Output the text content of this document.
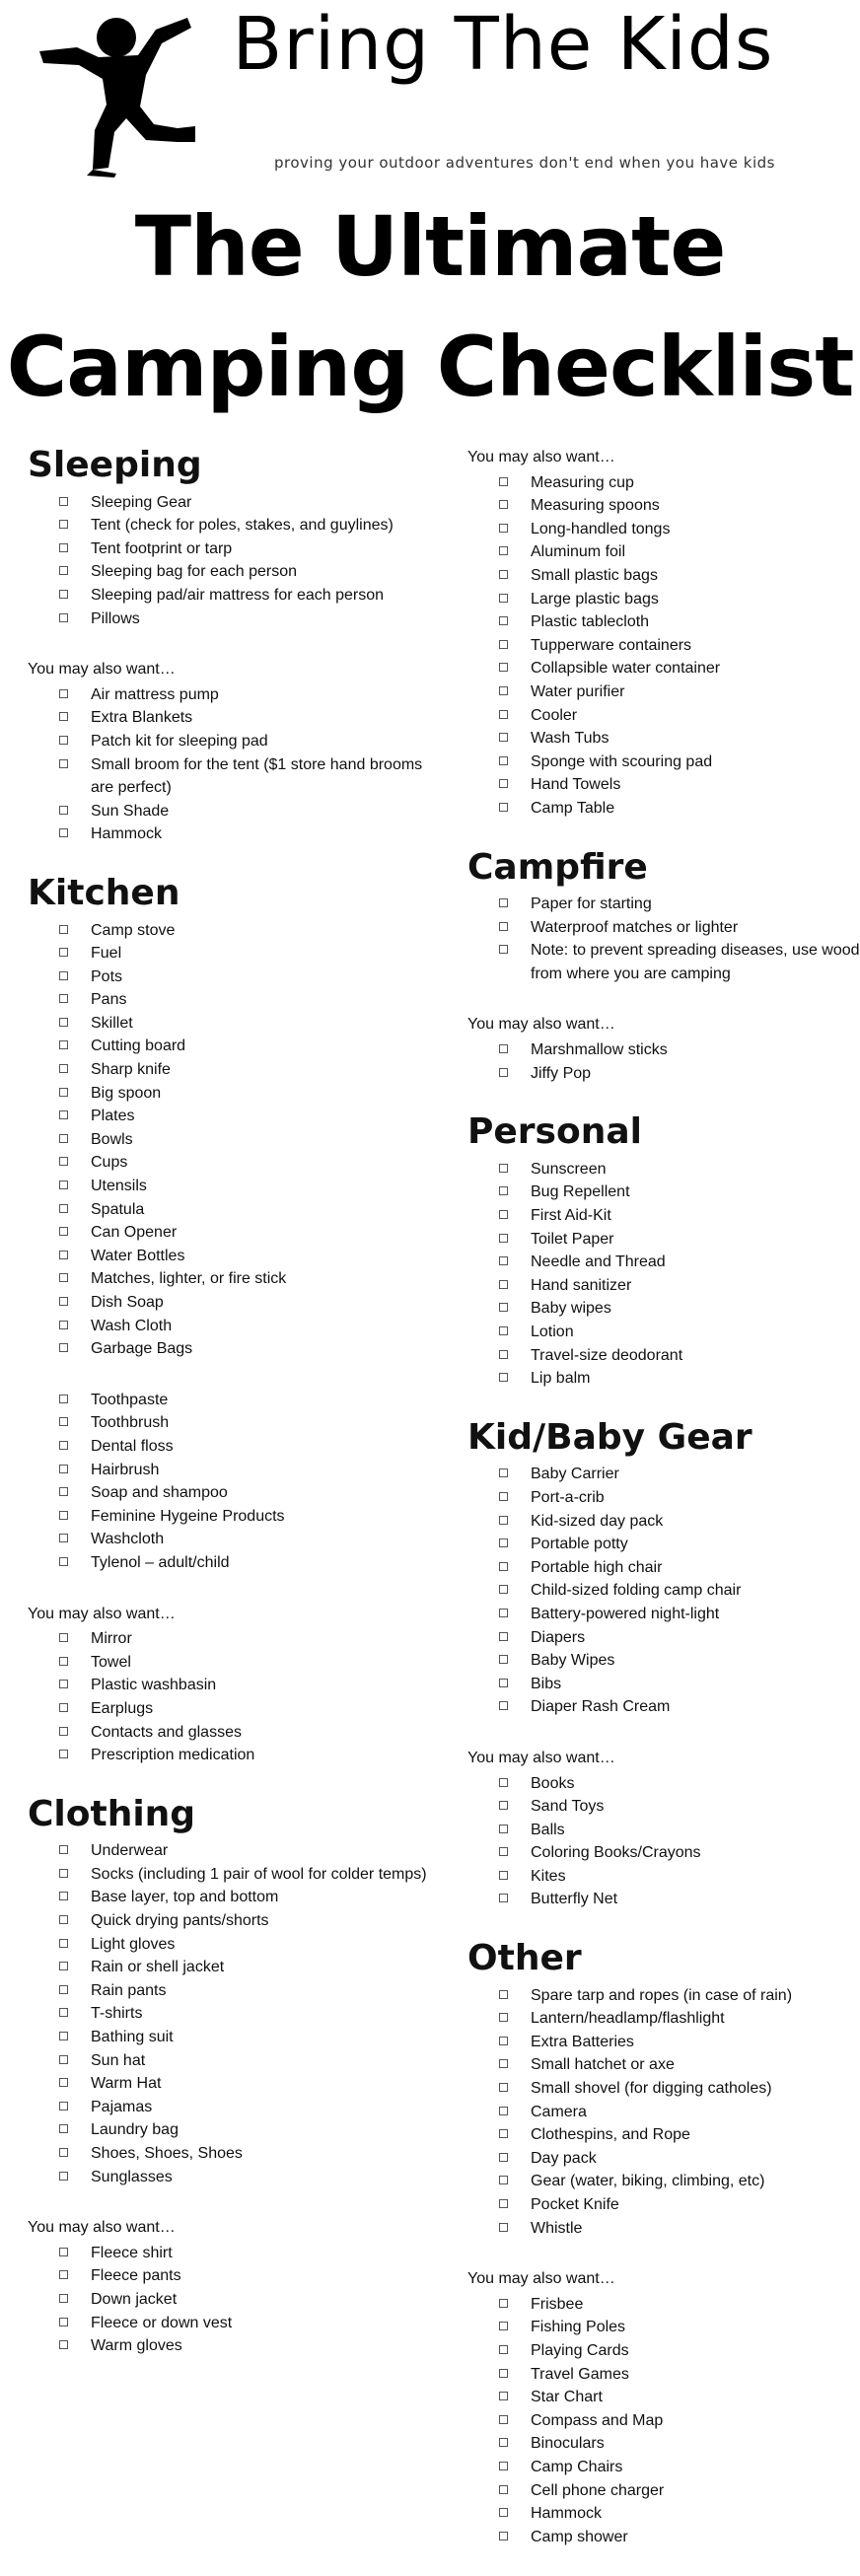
Bring The Kids
proving your outdoor adventures don't end when you have kids
The Ultimate
Camping Checklist
Sleeping
Sleeping Gear
Tent (check for poles, stakes, and guylines)
Tent footprint or tarp
Sleeping bag for each person
Sleeping pad/air mattress for each person
Pillows

You may also want…

Air mattress pump
Extra Blankets
Patch kit for sleeping pad
Small broom for the tent ($1 store hand brooms are perfect)
Sun Shade
Hammock
Kitchen
Camp stove
Fuel
Pots
Pans
Skillet
Cutting board
Sharp knife
Big spoon
Plates
Bowls
Cups
Utensils
Spatula
Can Opener
Water Bottles
Matches, lighter, or fire stick
Dish Soap
Wash Cloth
Garbage Bags
Toothpaste
Toothbrush
Dental floss
Hairbrush
Soap and shampoo
Feminine Hygeine Products
Washcloth
Tylenol – adult/child

You may also want…

Mirror
Towel
Plastic washbasin
Earplugs
Contacts and glasses
Prescription medication
Clothing
Underwear
Socks (including 1 pair of wool for colder temps)
Base layer, top and bottom
Quick drying pants/shorts
Light gloves
Rain or shell jacket
Rain pants
T-shirts
Bathing suit
Sun hat
Warm Hat
Pajamas
Laundry bag
Shoes, Shoes, Shoes
Sunglasses

You may also want…

Fleece shirt
Fleece pants
Down jacket
Fleece or down vest
Warm gloves

You may also want…

Measuring cup
Measuring spoons
Long-handled tongs
Aluminum foil
Small plastic bags
Large plastic bags
Plastic tablecloth
Tupperware containers
Collapsible water container
Water purifier
Cooler
Wash Tubs
Sponge with scouring pad
Hand Towels
Camp Table
Campfire
Paper for starting
Waterproof matches or lighter
Note: to prevent spreading diseases, use wood from where you are camping

You may also want…

Marshmallow sticks
Jiffy Pop
Personal
Sunscreen
Bug Repellent
First Aid-Kit
Toilet Paper
Needle and Thread
Hand sanitizer
Baby wipes
Lotion
Travel-size deodorant
Lip balm
Kid/Baby Gear
Baby Carrier
Port-a-crib
Kid-sized day pack
Portable potty
Portable high chair
Child-sized folding camp chair
Battery-powered night-light
Diapers
Baby Wipes
Bibs
Diaper Rash Cream

You may also want…

Books
Sand Toys
Balls
Coloring Books/Crayons
Kites
Butterfly Net
Other
Spare tarp and ropes (in case of rain)
Lantern/headlamp/flashlight
Extra Batteries
Small hatchet or axe
Small shovel (for digging catholes)
Camera
Clothespins, and Rope
Day pack
Gear (water, biking, climbing, etc)
Pocket Knife
Whistle

You may also want…

Frisbee
Fishing Poles
Playing Cards
Travel Games
Star Chart
Compass and Map
Binoculars
Camp Chairs
Cell phone charger
Hammock
Camp shower
